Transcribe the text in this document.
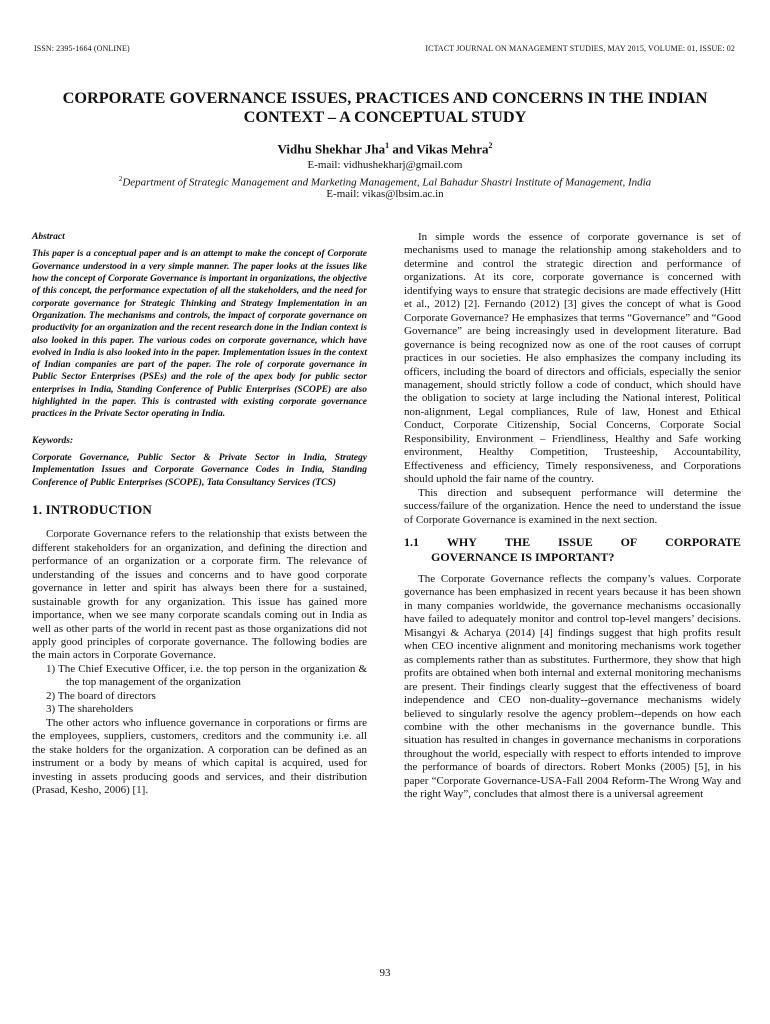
ISSN: 2395-1664 (ONLINE)	ICTACT JOURNAL ON MANAGEMENT STUDIES, MAY 2015, VOLUME: 01, ISSUE: 02
CORPORATE GOVERNANCE ISSUES, PRACTICES AND CONCERNS IN THE INDIAN CONTEXT – A CONCEPTUAL STUDY
Vidhu Shekhar Jha$^1$ and Vikas Mehra$^2$
E-mail: vidhushekharj@gmail.com
$^2$Department of Strategic Management and Marketing Management, Lal Bahadur Shastri Institute of Management, India
E-mail: vikas@lbsim.ac.in

Abstract

This paper is a conceptual paper and is an attempt to make the concept of Corporate Governance understood in a very simple manner. The paper looks at the issues like how the concept of Corporate Governance is important in organizations, the objective of this concept, the performance expectation of all the stakeholders, and the need for corporate governance for Strategic Thinking and Strategy Implementation in an Organization. The mechanisms and controls, the impact of corporate governance on productivity for an organization and the recent research done in the Indian context is also looked in this paper. The various codes on corporate governance, which have evolved in India is also looked into in the paper. Implementation issues in the context of Indian companies are part of the paper. The role of corporate governance in Public Sector Enterprises (PSEs) and the role of the apex body for public sector enterprises in India, Standing Conference of Public Enterprises (SCOPE) are also highlighted in the paper. This is contrasted with existing corporate governance practices in the Private Sector operating in India.

Keywords:

Corporate Governance, Public Sector & Private Sector in India, Strategy Implementation Issues and Corporate Governance Codes in India, Standing Conference of Public Enterprises (SCOPE), Tata Consultancy Services (TCS)

1. INTRODUCTION

Corporate Governance refers to the relationship that exists between the different stakeholders for an organization, and defining the direction and performance of an organization or a corporate firm. The relevance of understanding of the issues and concerns and to have good corporate governance in letter and spirit has always been there for a sustained, sustainable growth for any organization. This issue has gained more importance, when we see many corporate scandals coming out in India as well as other parts of the world in recent past as those organizations did not apply good principles of corporate governance. The following bodies are the main actors in Corporate Governance.

1) The Chief Executive Officer, i.e. the top person in the organization & the top management of the organization
2) The board of directors
3) The shareholders

The other actors who influence governance in corporations or firms are the employees, suppliers, customers, creditors and the community i.e. all the stake holders for the organization. A corporation can be defined as an instrument or a body by means of which capital is acquired, used for investing in assets producing goods and services, and their distribution (Prasad, Kesho, 2006) [1].

In simple words the essence of corporate governance is set of mechanisms used to manage the relationship among stakeholders and to determine and control the strategic direction and performance of organizations. At its core, corporate governance is concerned with identifying ways to ensure that strategic decisions are made effectively (Hitt et al., 2012) [2]. Fernando (2012) [3] gives the concept of what is Good Corporate Governance? He emphasizes that terms “Governance” and “Good Governance” are being increasingly used in development literature. Bad governance is being recognized now as one of the root causes of corrupt practices in our societies. He also emphasizes the company including its officers, including the board of directors and officials, especially the senior management, should strictly follow a code of conduct, which should have the obligation to society at large including the National interest, Political non-alignment, Legal compliances, Rule of law, Honest and Ethical Conduct, Corporate Citizenship, Social Concerns, Corporate Social Responsibility, Environment – Friendliness, Healthy and Safe working environment, Healthy Competition, Trusteeship, Accountability, Effectiveness and efficiency, Timely responsiveness, and Corporations should uphold the fair name of the country.

This direction and subsequent performance will determine the success/failure of the organization. Hence the need to understand the issue of Corporate Governance is examined in the next section.

1.1 WHY THE ISSUE OF CORPORATE
GOVERNANCE IS IMPORTANT?

The Corporate Governance reflects the company’s values. Corporate governance has been emphasized in recent years because it has been shown in many companies worldwide, the governance mechanisms occasionally have failed to adequately monitor and control top-level mangers’ decisions. Misangyi & Acharya (2014) [4] findings suggest that high profits result when CEO incentive alignment and monitoring mechanisms work together as complements rather than as substitutes. Furthermore, they show that high profits are obtained when both internal and external monitoring mechanisms are present. Their findings clearly suggest that the effectiveness of board independence and CEO non-duality--governance mechanisms widely believed to singularly resolve the agency problem--depends on how each combine with the other mechanisms in the governance bundle. This situation has resulted in changes in governance mechanisms in corporations throughout the world, especially with respect to efforts intended to improve the performance of boards of directors. Robert Monks (2005) [5], in his paper “Corporate Governance-USA-Fall 2004 Reform-The Wrong Way and the right Way”, concludes that almost there is a universal agreement

93
